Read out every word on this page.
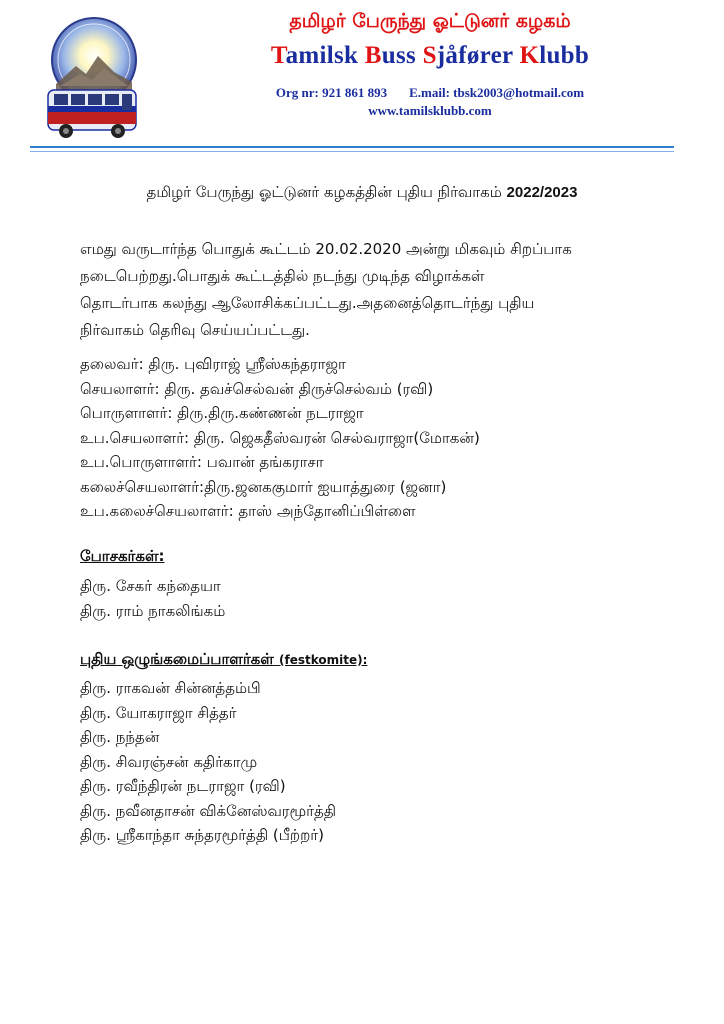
தமிழர் பேருந்து ஓட்டுனர் கழகம்
Tamilsk Buss Sjåfører Klubb
Org nr: 921 861 893 E.mail: tbsk2003@hotmail.com
www.tamilsklubb.com
தமிழர் பேருந்து ஓட்டுனர் கழகத்தின் புதிய நிர்வாகம் 2022/2023
எமது வருடார்ந்த பொதுக் கூட்டம் 20.02.2020 அன்று மிகவும் சிறப்பாக
நடைபெற்றது.பொதுக் கூட்டத்தில் நடந்து முடிந்த விழாக்கள்
தொடர்பாக கலந்து ஆலோசிக்கப்பட்டது.அதனைத்தொடர்ந்து புதிய
நிர்வாகம் தெரிவு செய்யப்பட்டது.
தலைவர்: திரு. புவிராஜ் ஸ்ரீஸ்கந்தராஜா
செயலாளர்: திரு. தவச்செல்வன் திருச்செல்வம் (ரவி)
பொருளாளர்: திரு.திரு.கண்ணன் நடராஜா
உப.செயலாளர்: திரு. ஜெகதீஸ்வரன் செல்வராஜா(மோகன்)
உப.பொருளாளர்: பவான் தங்கராசா
கலைச்செயலாளர்:திரு.ஜனககுமார் ஐயாத்துரை (ஜனா)
உப.கலைச்செயலாளர்: தாஸ் அந்தோனிப்பிள்ளை
போசகர்கள்:
திரு. சேகர் கந்தையா
திரு. ராம் நாகலிங்கம்
புதிய ஒழுங்கமைப்பாளர்கள் (festkomite):
திரு. ராகவன் சின்னத்தம்பி
திரு. யோகராஜா சித்தர்
திரு. நந்தன்
திரு. சிவரஞ்சன் கதிர்காமு
திரு. ரவீந்திரன் நடராஜா (ரவி)
திரு. நவீனதாசன் விக்னேஸ்வரமூர்த்தி
திரு. ஸ்ரீகாந்தா சுந்தரமூர்த்தி (பீற்றர்)
